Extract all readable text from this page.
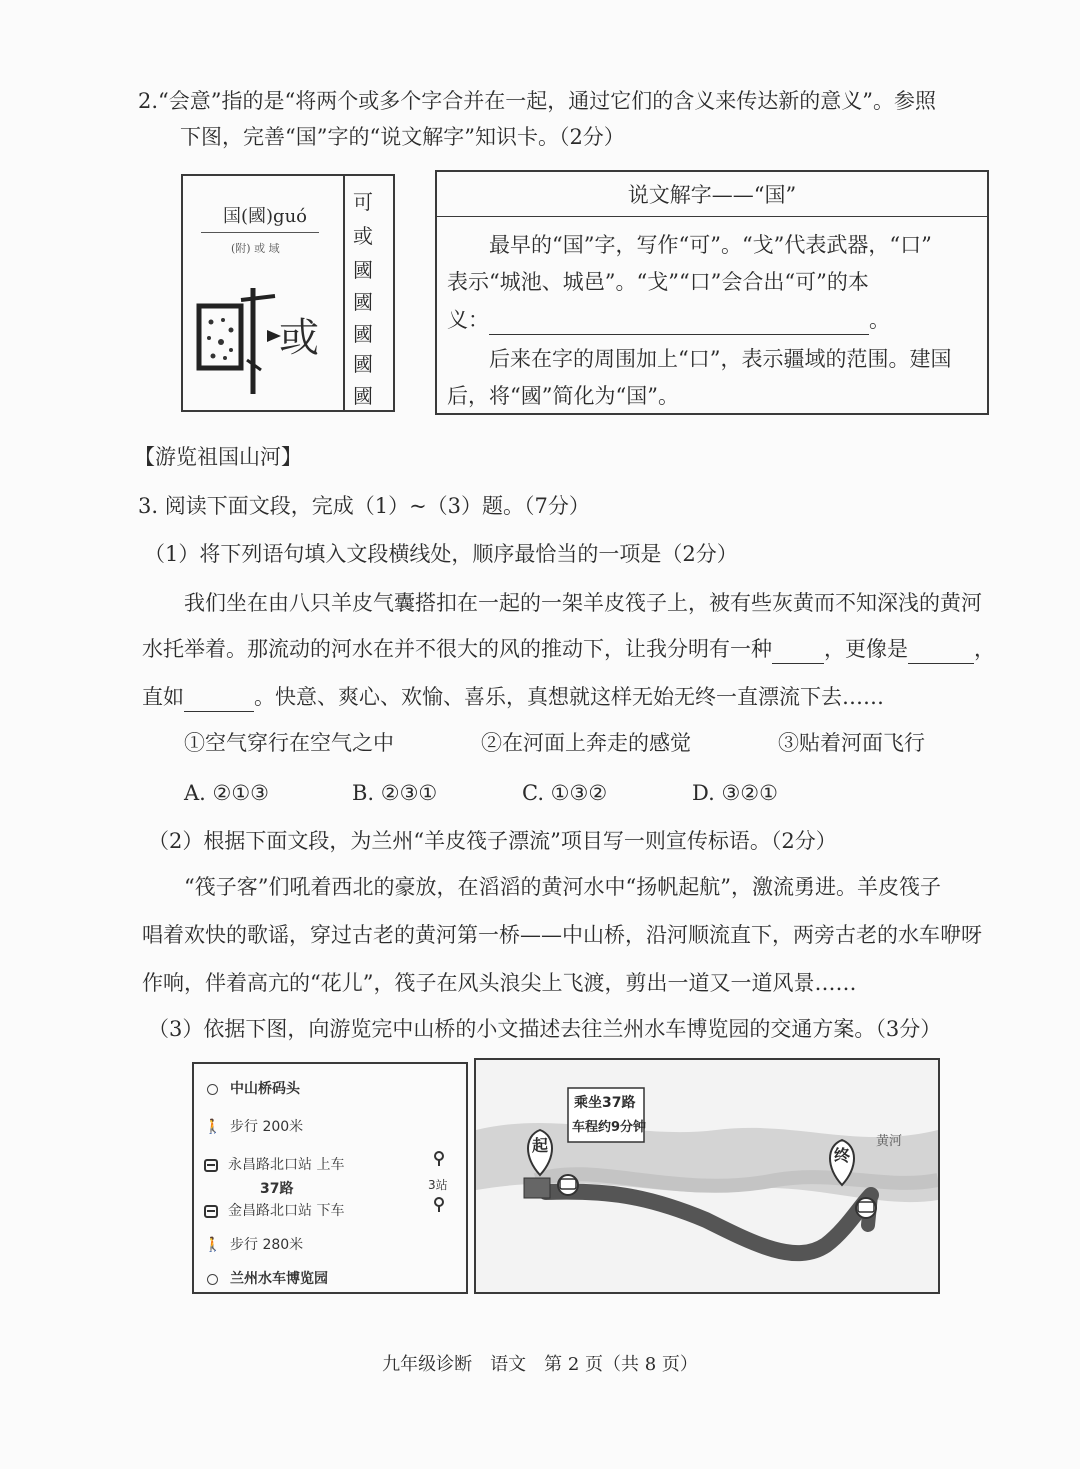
2.“会意”指的是“将两个或多个字合并在一起，通过它们的含义来传达新的意义”。参照
下图，完善“国”字的“说文解字”知识卡。（2分）
国(國)guó
(附) 或 域
或
可
或
國
國
國
國
國
说文解字——“国”
最早的“国”字，写作“可”。“戈”代表武器，“口”
表示“城池、城邑”。“戈”“口”会合出“可”的本
义：	。
后来在字的周围加上“口”，表示疆域的范围。建国
后，将“國”简化为“国”。
【游览祖国山河】
3. 阅读下面文段，完成（1）~（3）题。（7分）
（1）将下列语句填入文段横线处，顺序最恰当的一项是（2分）
我们坐在由八只羊皮气囊搭扣在一起的一架羊皮筏子上，被有些灰黄而不知深浅的黄河
水托举着。那流动的河水在并不很大的风的推动下，让我分明有一种 ，更像是	，
直如	。快意、爽心、欢愉、喜乐，真想就这样无始无终一直漂流下去……
①空气穿行在空气之中	②在河面上奔走的感觉	③贴着河面飞行
A. ②①③	B. ②③①	C. ①③②	D. ③②①
（2）根据下面文段，为兰州“羊皮筏子漂流”项目写一则宣传标语。（2分）
“筏子客”们吼着西北的豪放，在滔滔的黄河水中“扬帆起航”，激流勇进。羊皮筏子
唱着欢快的歌谣，穿过古老的黄河第一桥——中山桥，沿河顺流直下，两旁古老的水车咿呀
作响，伴着高亢的“花儿”，筏子在风头浪尖上飞渡，剪出一道又一道风景……
（3）依据下图，向游览完中山桥的小文描述去往兰州水车博览园的交通方案。（3分）
中山桥码头
🚶 步行 200米
永昌路北口站 上车
37路	3站
金昌路北口站 下车
🚶 步行 280米
兰州水车博览园
起
终
乘坐37路
车程约9分钟
黄河
九年级诊断　语文　第 2 页（共 8 页）
